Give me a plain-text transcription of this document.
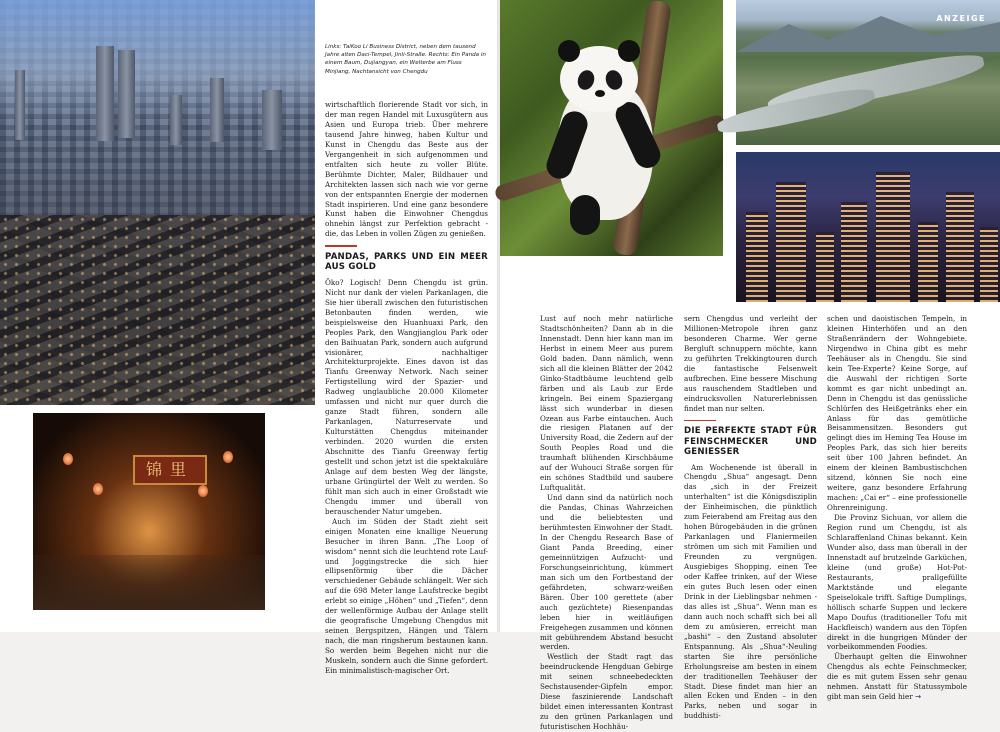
Links: TaiKoo Li Business District, neben dem tausend Jahre alten Daci-Tempel, Jinli-Straße. Rechts: Ein Panda in einem Baum, Dujiangyan, ein Welterbe am Fluss Minjiang, Nachtansicht von Chengdu
锦里

wirtschaftlich florierende Stadt vor sich, in der man regen Handel mit Luxusgütern aus Asien und Europa trieb. Über mehrere tausend Jahre hinweg, haben Kultur und Kunst in Chengdu das Beste aus der Vergangenheit in sich aufgenommen und entfalten sich heute zu voller Blüte. Berühmte Dichter, Maler, Bildhauer und Architekten lassen sich nach wie vor gerne von der entspannten Energie der modernen Stadt inspirieren. Und eine ganz besondere Kunst haben die Einwohner Chengdus ohnehin längst zur Perfektion gebracht - die, das Leben in vollen Zügen zu genießen.

PANDAS, PARKS UND EIN MEER AUS GOLD

Öko? Logisch! Denn Chengdu ist grün. Nicht nur dank der vielen Parkanlagen, die Sie hier überall zwischen den futuristischen Betonbauten finden werden, wie beispielsweise den Huanhuaxi Park, den Peoples Park, den Wangjianglou Park oder den Baihuatan Park, sondern auch aufgrund visionärer, nachhaltiger Architekturprojekte. Eines davon ist das Tianfu Greenway Network. Nach seiner Fertigstellung wird der Spazier- und Radweg unglaubliche 20.000 Kilometer umfassen und nicht nur quer durch die ganze Stadt führen, sondern alle Parkanlagen, Naturreservate und Kulturstätten Chengdus miteinander verbinden. 2020 wurden die ersten Abschnitte des Tianfu Greenway fertig gestellt und schon jetzt ist die spektakuläre Anlage auf dem besten Weg der längste, urbane Grüngürtel der Welt zu werden. So fühlt man sich auch in einer Großstadt wie Chengdu immer und überall von berauschender Natur umgeben.

Auch im Süden der Stadt zieht seit einigen Monaten eine knallige Neuerung Besucher in ihren Bann. „The Loop of wisdom“ nennt sich die leuchtend rote Lauf- und Joggingstrecke die sich hier ellipsenförmig über die Dächer verschiedener Gebäude schlängelt. Wer sich auf die 698 Meter lange Laufstrecke begibt erlebt so einige „Höhen“ und „Tiefen“, denn der wellenförmige Aufbau der Anlage stellt die geografische Umgebung Chengdus mit seinen Bergspitzen, Hängen und Tälern nach, die man ringsherum bestaunen kann. So werden beim Begehen nicht nur die Muskeln, sondern auch die Sinne gefordert. Ein minimalistisch-magischer Ort.

ANZEIGE

Lust auf noch mehr natürliche Stadtschönheiten? Dann ab in die Innenstadt. Denn hier kann man im Herbst in einem Meer aus purem Gold baden. Dann nämlich, wenn sich all die kleinen Blätter der 2042 Ginko-Stadtbäume leuchtend gelb färben und als Laub zur Erde kringeln. Bei einem Spaziergang lässt sich wunderbar in diesen Ozean aus Farbe eintauchen. Auch die riesigen Platanen auf der University Road, die Zedern auf der South Peoples Road und die traumhaft blühenden Kirschbäume auf der Wuhouci Straße sorgen für ein schönes Stadtbild und saubere Luftqualität.

Und dann sind da natürlich noch die Pandas, Chinas Wahrzeichen und die beliebtesten und berühmtesten Einwohner der Stadt. In der Chengdu Research Base of Giant Panda Breeding, einer gemeinnützigen Aufzucht- und Forschungseinrichtung, kümmert man sich um den Fortbestand der gefährdeten, schwarz-weißen Bären. Über 100 gerettete (aber auch gezüchtete) Riesenpandas leben hier in weitläufigen Freigehegen zusammen und können mit gebührendem Abstand besucht werden.

Westlich der Stadt ragt das beeindruckende Hengduan Gebirge mit seinen schneebedeckten Sechstausender-Gipfeln empor. Diese faszinierende Landschaft bildet einen interessanten Kontrast zu den grünen Parkanlagen und futuristischen Hochhäu-

sern Chengdus und verleiht der Millionen-Metropole ihren ganz besonderen Charme. Wer gerne Bergluft schnuppern möchte, kann zu geführten Trekkingtouren durch die fantastische Felsenwelt aufbrechen. Eine bessere Mischung aus rauschendem Stadtleben und eindrucksvollen Naturerlebnissen findet man nur selten.

DIE PERFEKTE STADT FÜR FEINSCHMECKER UND GENIESSER

Am Wochenende ist überall in Chengdu „Shua“ angesagt. Denn das „sich in der Freizeit unterhalten“ ist die Königsdisziplin der Einheimischen, die pünktlich zum Feierabend am Freitag aus den hohen Bürogebäuden in die grünen Parkanlagen und Flaniermeilen strömen um sich mit Familien und Freunden zu vergnügen. Ausgiebiges Shopping, einen Tee oder Kaffee trinken, auf der Wiese ein gutes Buch lesen oder einen Drink in der Lieblingsbar nehmen - das alles ist „Shua“. Wenn man es dann auch noch schafft sich bei all dem zu amüsieren, erreicht man „bashi“ – den Zustand absoluter Entspannung. Als „Shua“-Neuling starten Sie ihre persönliche Erholungsreise am besten in einem der traditionellen Teehäuser der Stadt. Diese findet man hier an allen Ecken und Enden – in den Parks, neben und sogar in buddhisti-

schen und daoistischen Tempeln, in kleinen Hinterhöfen und an den Straßenrändern der Wohngebiete. Nirgendwo in China gibt es mehr Teehäuser als in Chengdu. Sie sind kein Tee-Experte? Keine Sorge, auf die Auswahl der richtigen Sorte kommt es gar nicht unbedingt an. Denn in Chengdu ist das genüssliche Schlürfen des Heißgetränks eher ein Anlass für das gemütliche Beisammensitzen. Besonders gut gelingt dies im Heming Tea House im Peoples Park, das sich hier bereits seit über 100 Jahren befindet. An einem der kleinen Bambustischchen sitzend, können Sie noch eine weitere, ganz besondere Erfahrung machen: „Cai er“ – eine professionelle Ohrenreinigung.

Die Provinz Sichuan, vor allem die Region rund um Chengdu, ist als Schlaraffenland Chinas bekannt. Kein Wunder also, dass man überall in der Innenstadt auf brutzelnde Garküchen, kleine (und große) Hot-Pot-Restaurants, prallgefüllte Marktstände und elegante Speiselokale trifft. Saftige Dumplings, höllisch scharfe Suppen und leckere Mapo Doufus (traditioneller Tofu mit Hackfleisch) wandern aus den Töpfen direkt in die hungrigen Münder der vorbeikommenden Foodies.

Überhaupt gelten die Einwohner Chengdus als echte Feinschmecker, die es mit gutem Essen sehr genau nehmen. Anstatt für Statussymbole gibt man sein Geld hier →
